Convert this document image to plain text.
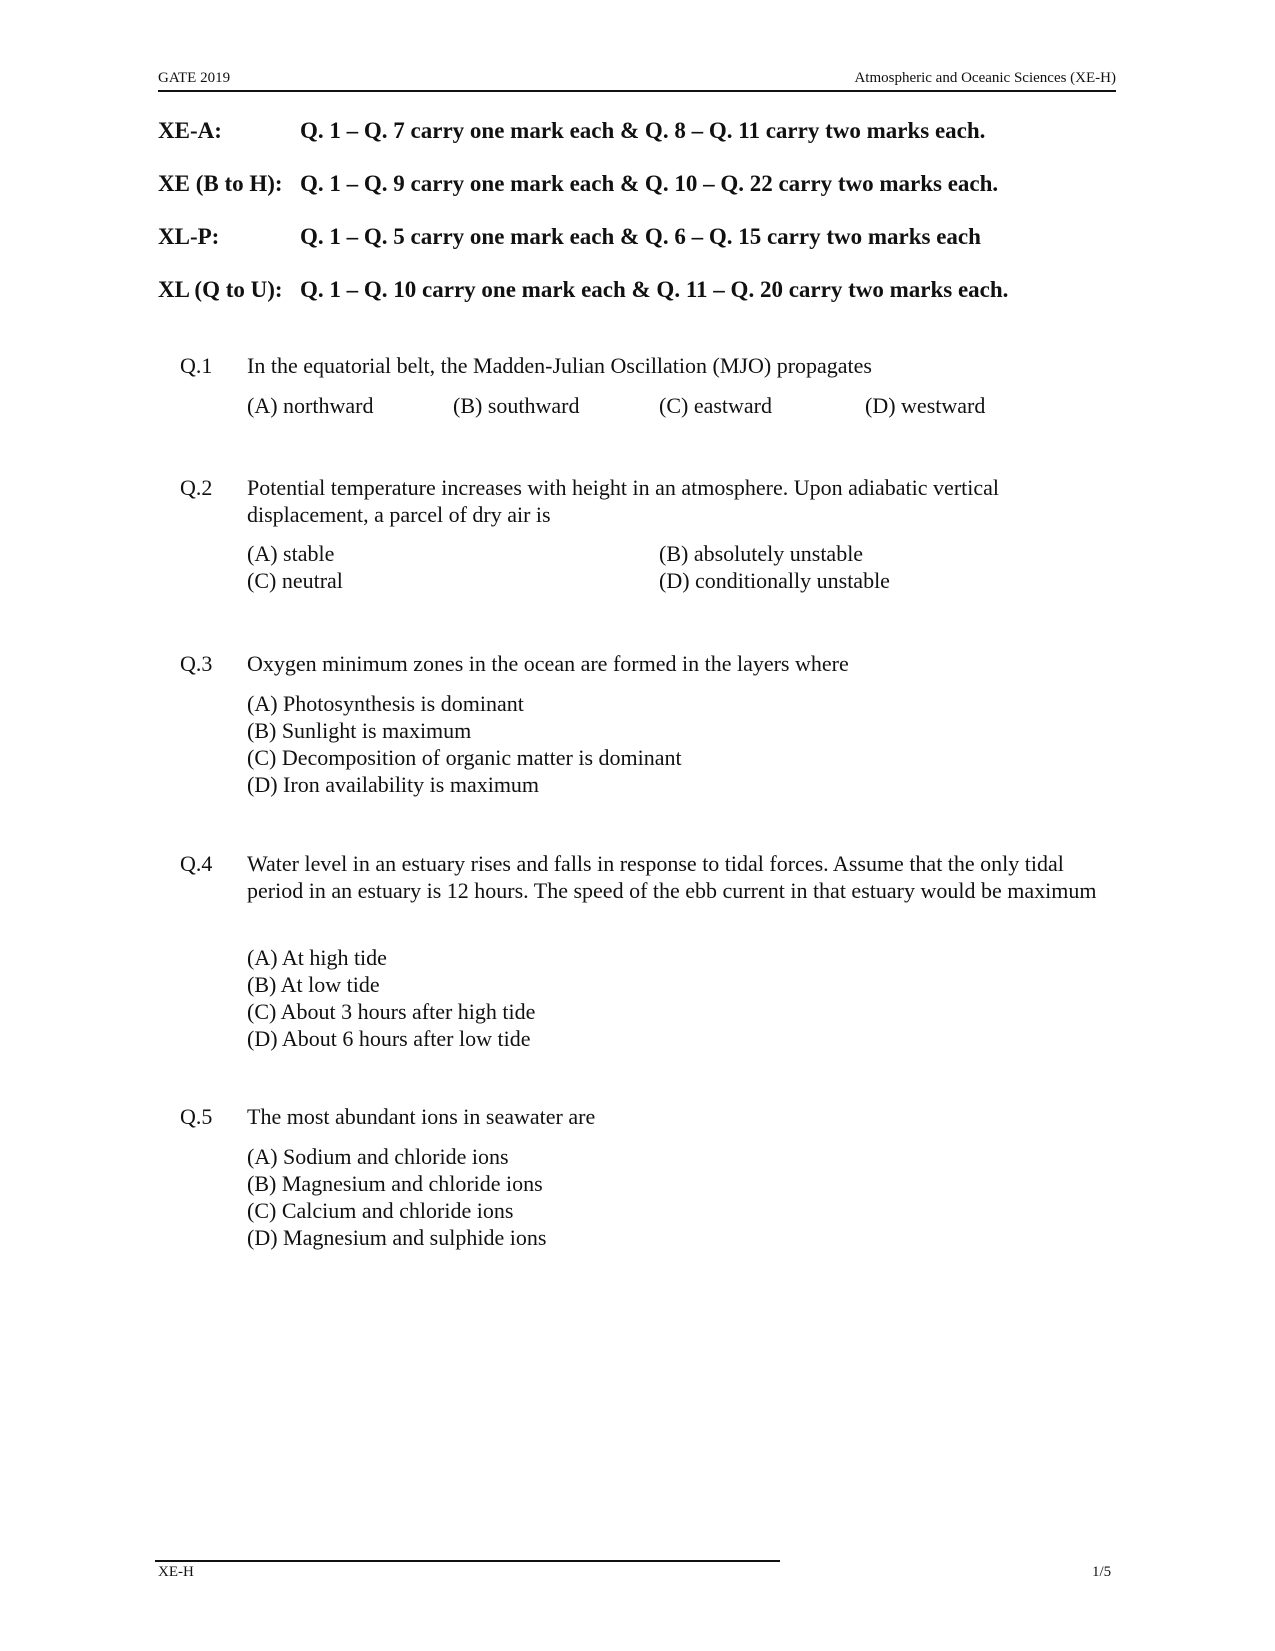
GATE 2019	Atmospheric and Oceanic Sciences (XE-H)
XE-A:	Q. 1 – Q. 7 carry one mark each & Q. 8 – Q. 11 carry two marks each.
XE (B to H): Q. 1 – Q. 9 carry one mark each & Q. 10 – Q. 22 carry two marks each.
XL-P:	Q. 1 – Q. 5 carry one mark each & Q. 6 – Q. 15 carry two marks each
XL (Q to U): Q. 1 – Q. 10 carry one mark each & Q. 11 – Q. 20 carry two marks each.
Q.1 In the equatorial belt, the Madden-Julian Oscillation (MJO) propagates
(A) northward	(B) southward	(C) eastward	(D) westward
Q.2 Potential temperature increases with height in an atmosphere. Upon adiabatic vertical displacement, a parcel of dry air is
(A) stable	(B) absolutely unstable
(C) neutral	(D) conditionally unstable
Q.3 Oxygen minimum zones in the ocean are formed in the layers where
(A) Photosynthesis is dominant
(B) Sunlight is maximum
(C) Decomposition of organic matter is dominant
(D) Iron availability is maximum
Q.4 Water level in an estuary rises and falls in response to tidal forces. Assume that the only tidal period in an estuary is 12 hours. The speed of the ebb current in that estuary would be maximum
(A) At high tide
(B) At low tide
(C) About 3 hours after high tide
(D) About 6 hours after low tide
Q.5 The most abundant ions in seawater are
(A) Sodium and chloride ions
(B) Magnesium and chloride ions
(C) Calcium and chloride ions
(D) Magnesium and sulphide ions
XE-H	1/5
